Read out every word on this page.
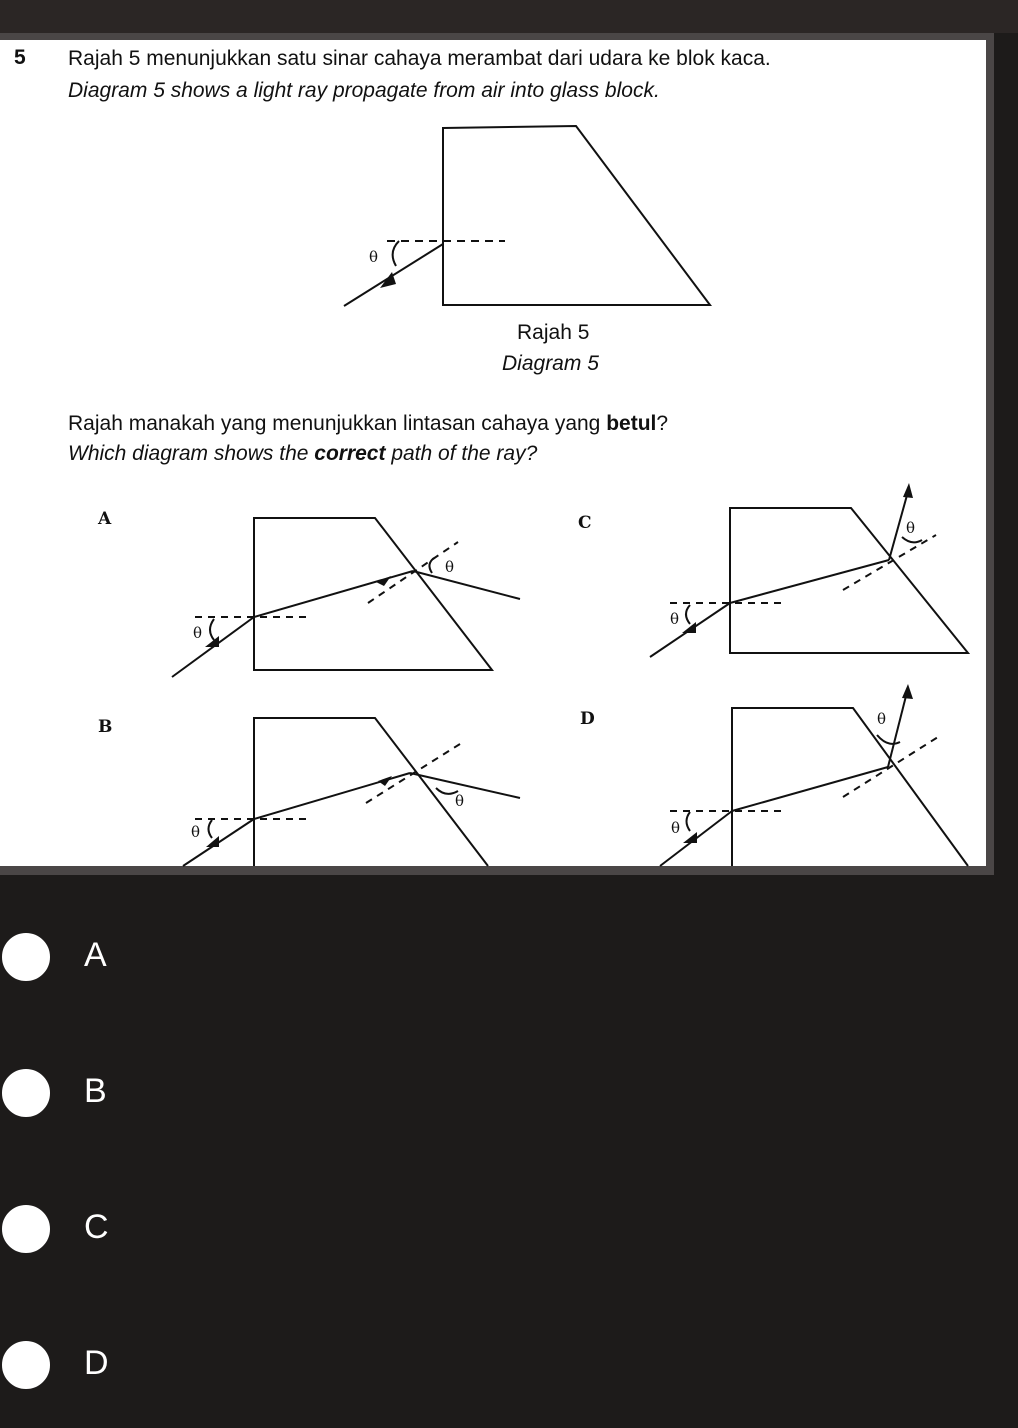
5 Rajah 5 menunjukkan satu sinar cahaya merambat dari udara ke blok kaca.
Diagram 5 shows a light ray propagate from air into glass block.
θ
θ
θ
θ
θ
θ
θ
θ
θ
Rajah 5
Diagram 5
Rajah manakah yang menunjukkan lintasan cahaya yang betul?
Which diagram shows the correct path of the ray?
A
B
C
D
A
B
C
D
